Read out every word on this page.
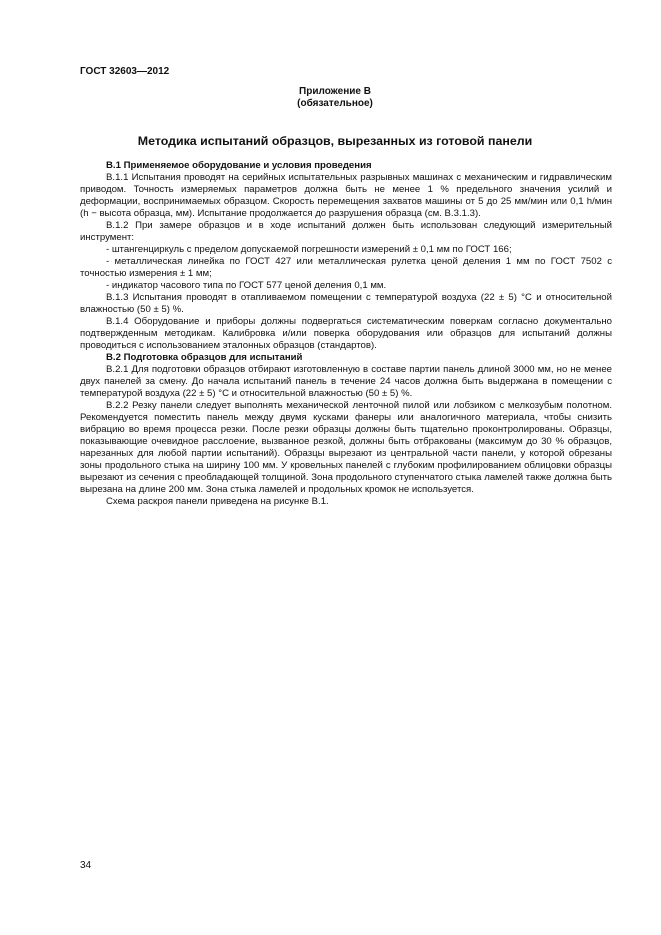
ГОСТ 32603—2012
Приложение В
(обязательное)
Методика испытаний образцов, вырезанных из готовой панели

В.1 Применяемое оборудование и условия проведения

В.1.1 Испытания проводят на серийных испытательных разрывных машинах с механическим и гидравлическим приводом. Точность измеряемых параметров должна быть не менее 1 % предельного значения усилий и деформации, воспринимаемых образцом. Скорость перемещения захватов машины от 5 до 25 мм/мин или 0,1 h/мин (h − высота образца, мм). Испытание продолжается до разрушения образца (см. В.3.1.3).

В.1.2 При замере образцов и в ходе испытаний должен быть использован следующий измерительный инструмент:

- штангенциркуль с пределом допускаемой погрешности измерений ± 0,1 мм по ГОСТ 166;

- металлическая линейка по ГОСТ 427 или металлическая рулетка ценой деления 1 мм по ГОСТ 7502 с точностью измерения ± 1 мм;

- индикатор часового типа по ГОСТ 577 ценой деления 0,1 мм.

В.1.3 Испытания проводят в отапливаемом помещении с температурой воздуха (22 ± 5) °С и относительной влажностью (50 ± 5) %.

В.1.4 Оборудование и приборы должны подвергаться систематическим поверкам согласно документально подтвержденным методикам. Калибровка и/или поверка оборудования или образцов для испытаний должны проводиться с использованием эталонных образцов (стандартов).

В.2 Подготовка образцов для испытаний

В.2.1 Для подготовки образцов отбирают изготовленную в составе партии панель длиной 3000 мм, но не менее двух панелей за смену. До начала испытаний панель в течение 24 часов должна быть выдержана в помещении с температурой воздуха (22 ± 5) °С и относительной влажностью (50 ± 5) %.

В.2.2 Резку панели следует выполнять механической ленточной пилой или лобзиком с мелкозубым полотном. Рекомендуется поместить панель между двумя кусками фанеры или аналогичного материала, чтобы снизить вибрацию во время процесса резки. После резки образцы должны быть тщательно проконтролированы. Образцы, показывающие очевидное расслоение, вызванное резкой, должны быть отбракованы (максимум до 30 % образцов, нарезанных для любой партии испытаний). Образцы вырезают из центральной части панели, у которой обрезаны зоны продольного стыка на ширину 100 мм. У кровельных панелей с глубоким профилированием облицовки образцы вырезают из сечения с преобладающей толщиной. Зона продольного ступенчатого стыка ламелей также должна быть вырезана на длине 200 мм. Зона стыка ламелей и продольных кромок не используется.

Схема раскроя панели приведена на рисунке В.1.

34
